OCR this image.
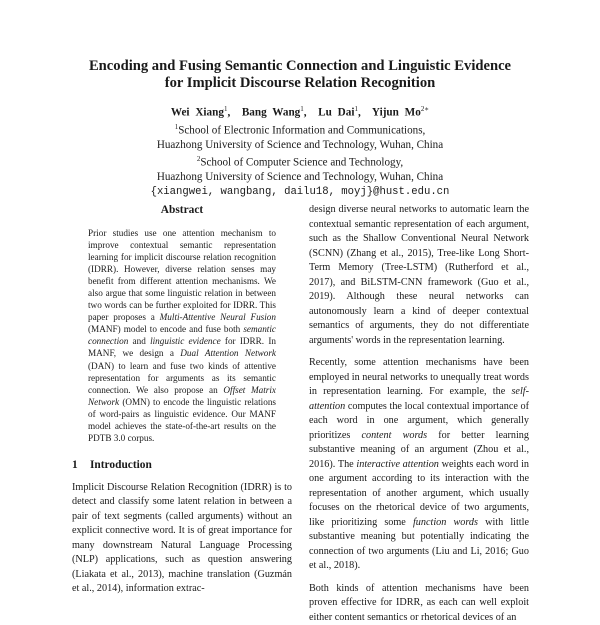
Encoding and Fusing Semantic Connection and Linguistic Evidence
for Implicit Discourse Relation Recognition
Wei Xiang$^1$,  Bang Wang$^1$,  Lu Dai$^1$,  Yijun $Mo^{2∗}$
$^1$School of Electronic Information and Communications,
Huazhong University of Science and Technology, Wuhan, China
$^2$School of Computer Science and Technology,
Huazhong University of Science and Technology, Wuhan, China
{xiangwei, wangbang, dailu18, moyj}@hust.edu.cn
Abstract

Prior studies use one attention mechanism to improve contextual semantic representation learning for implicit discourse relation recognition (IDRR). However, diverse relation senses may benefit from different attention mechanisms. We also argue that some linguistic relation in between two words can be further exploited for IDRR. This paper proposes a Multi-Attentive Neural Fusion (MANF) model to encode and fuse both semantic connection and linguistic evidence for IDRR. In MANF, we design a Dual Attention Network (DAN) to learn and fuse two kinds of attentive representation for arguments as its semantic connection. We also propose an Offset Matrix Network (OMN) to encode the linguistic relations of word-pairs as linguistic evidence. Our MANF model achieves the state-of-the-art results on the PDTB 3.0 corpus.

1 Introduction

Implicit Discourse Relation Recognition (IDRR) is to detect and classify some latent relation in between a pair of text segments (called arguments) without an explicit connective word. It is of great importance for many downstream Natural Language Processing (NLP) applications, such as question answering (Liakata et al., 2013), machine translation (Guzmán et al., 2014), information extrac-

design diverse neural networks to automatic learn the contextual semantic representation of each argument, such as the Shallow Conventional Neural Network (SCNN) (Zhang et al., 2015), Tree-like Long Short-Term Memory (Tree-LSTM) (Rutherford et al., 2017), and BiLSTM-CNN framework (Guo et al., 2019). Although these neural networks can autonomously learn a kind of deeper contextual semantics of arguments, they do not differentiate arguments' words in the representation learning.

Recently, some attention mechanisms have been employed in neural networks to unequally treat words in representation learning. For example, the self-attention computes the local contextual importance of each word in one argument, which generally prioritizes content words for better learning substantive meaning of an argument (Zhou et al., 2016). The interactive attention weights each word in one argument according to its interaction with the representation of another argument, which usually focuses on the rhetorical device of two arguments, like prioritizing some function words with little substantive meaning but potentially indicating the connection of two arguments (Liu and Li, 2016; Guo et al., 2018).

Both kinds of attention mechanisms have been proven effective for IDRR, as each can well exploit either content semantics or rhetorical devices of an
